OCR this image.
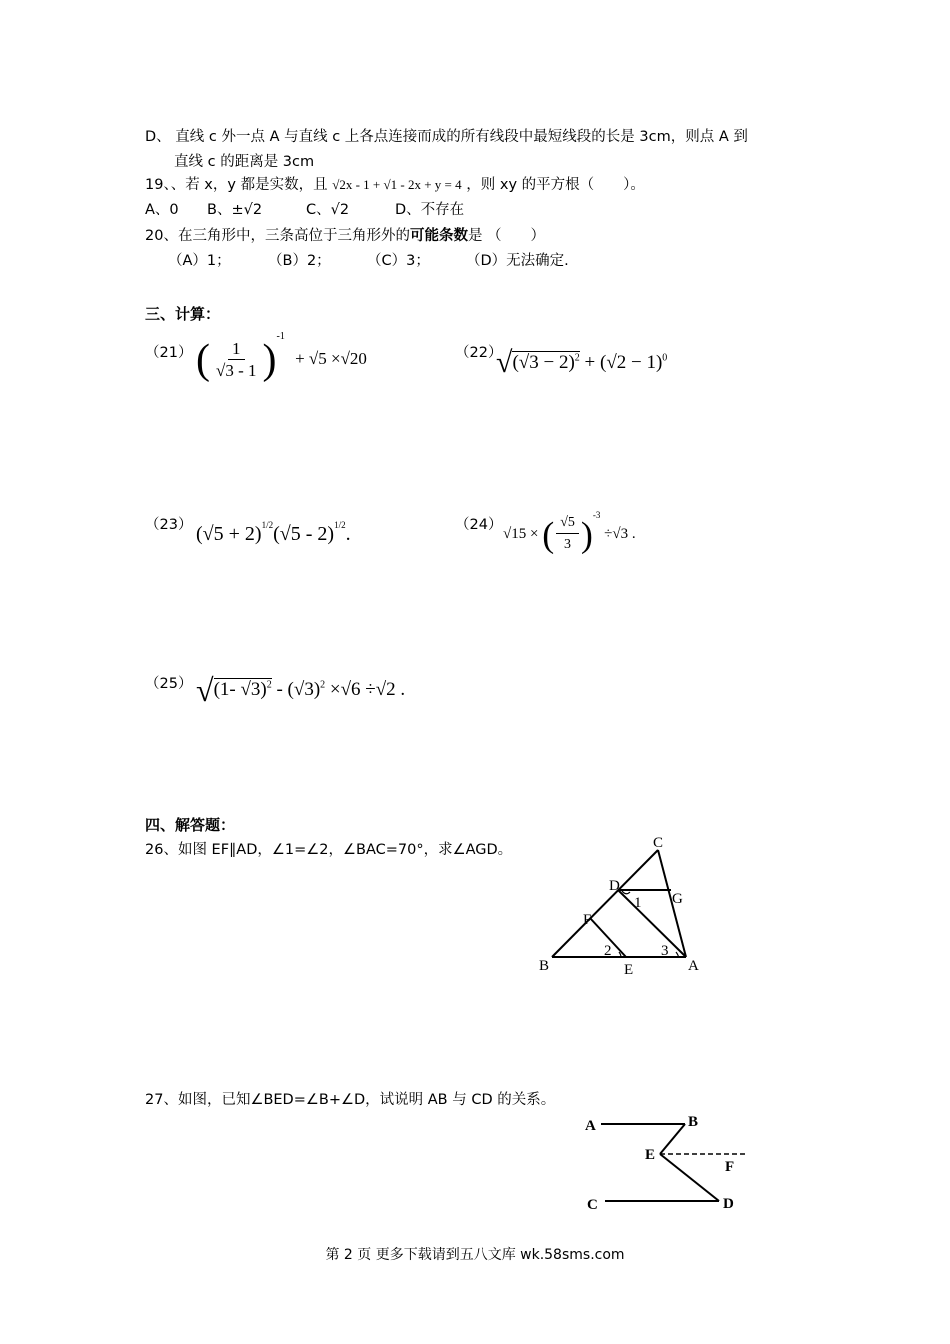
D、 直线 c 外一点 A 与直线 c 上各点连接而成的所有线段中最短线段的长是 3cm，则点 A 到
直线 c 的距离是 3cm
19、、若 x，y 都是实数，且 √2x - 1 + √1 - 2x + y = 4 ，则 xy 的平方根（　　）。
A、0 B、±√2	C、√2	D、不存在
20、在三角形中，三条高位于三角形外的可能条数是 （　　）
（A）1；	（B）2；	（C）3； （D）无法确定.
三、计算：
（21） ( $\frac{1}{√3 - 1} )^{-1} + √5 \times√20$	（22）
$√(√3 - 2)^2 + (√2 - 1)^0$
（23） $(√5 + 2)^{1/2}(√5 - 2)^{1/2}$.	（24）
√15 × ( $\frac{√5}{3} )^{-3} \div√3$ .
（25） √(1- $√3)^2 - (√3)^2 \times√6 \div√2$ .
四、解答题：
26、如图 EF∥AD，∠1=∠2，∠BAC=70°，求∠AGD。	C
D
G
1
F
2	3
B	E	A
27、如图，已知∠BED=∠B+∠D，试说明 AB 与 CD 的关系。
A	B
E
F
C	D
第 2 页 更多下载请到五八文库 wk.58sms.com
